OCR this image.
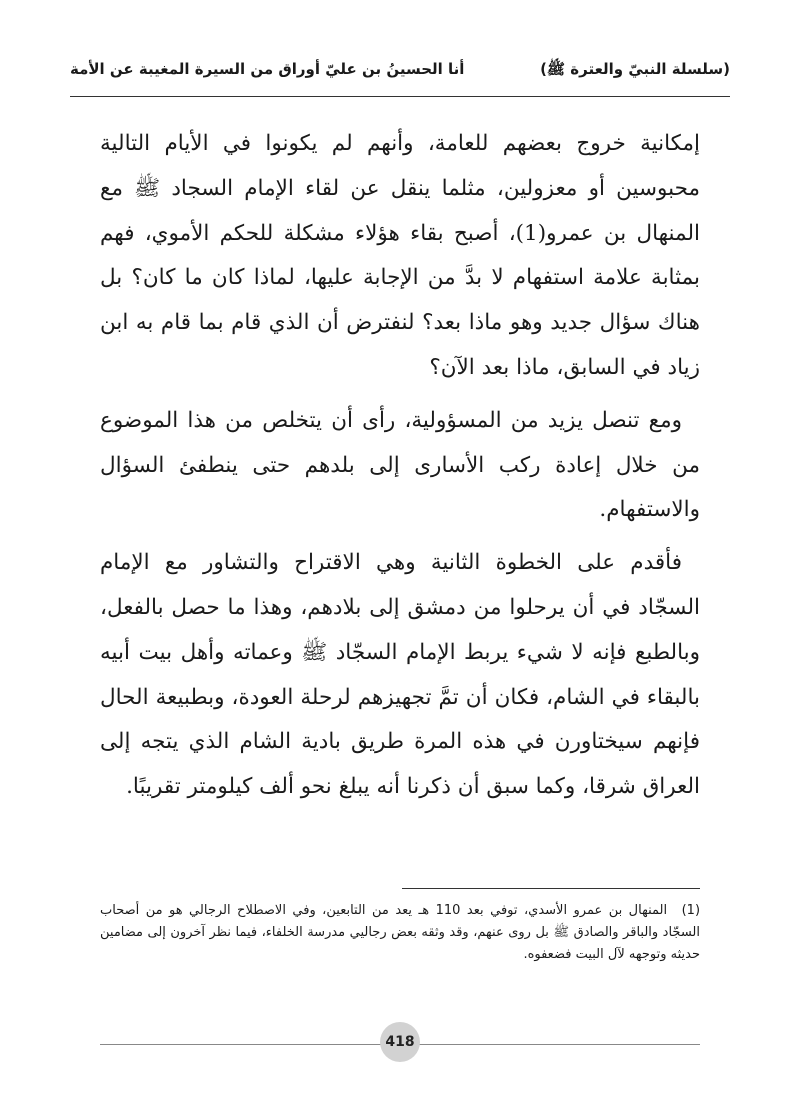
(سلسلة النبيّ والعترة ﷺ)
أنا الحسينُ بن عليّ أوراق من السيرة المغيبة عن الأمة

إمكانية خروج بعضهم للعامة، وأنهم لم يكونوا في الأيام التالية محبوسين أو معزولين، مثلما ينقل عن لقاء الإمام السجاد ﷺ مع المنهال بن عمرو(1)، أصبح بقاء هؤلاء مشكلة للحكم الأموي، فهم بمثابة علامة استفهام لا بدَّ من الإجابة عليها، لماذا كان ما كان؟ بل هناك سؤال جديد وهو ماذا بعد؟ لنفترض أن الذي قام بما قام به ابن زياد في السابق، ماذا بعد الآن؟

ومع تنصل يزيد من المسؤولية، رأى أن يتخلص من هذا الموضوع من خلال إعادة ركب الأسارى إلى بلدهم حتى ينطفئ السؤال والاستفهام.

فأقدم على الخطوة الثانية وهي الاقتراح والتشاور مع الإمام السجّاد في أن يرحلوا من دمشق إلى بلادهم، وهذا ما حصل بالفعل، وبالطبع فإنه لا شيء يربط الإمام السجّاد ﷺ وعماته وأهل بيت أبيه بالبقاء في الشام، فكان أن تمَّ تجهيزهم لرحلة العودة، وبطبيعة الحال فإنهم سيختاورن في هذه المرة طريق بادية الشام الذي يتجه إلى العراق شرقا، وكما سبق أن ذكرنا أنه يبلغ نحو ألف كيلومتر تقريبًا.

(1) المنهال بن عمرو الأسدي، توفي بعد 110 هـ يعد من التابعين، وفي الاصطلاح الرجالي هو من أصحاب السجّاد والباقر والصادق ﷺ بل روى عنهم، وقد وثقه بعض رجاليي مدرسة الخلفاء، فيما نظر آخرون إلى مضامين حديثه وتوجهه لآل البيت فضعفوه.
418
